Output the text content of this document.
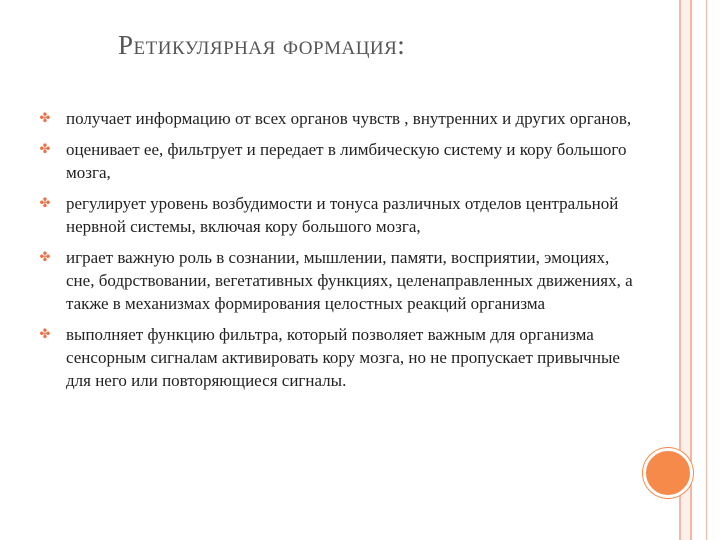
Ретикулярная формация:
✤ получает информацию от всех органов чувств , внутренних и других органов,
✤ оценивает ее, фильтрует и передает в лимбическую систему и кору большого мозга,
✤ регулирует уровень возбудимости и тонуса различных отделов центральной нервной системы, включая кору большого мозга,
✤ играет важную роль в сознании, мышлении, памяти, восприятии, эмоциях, сне, бодрствовании, вегетативных функциях, целенаправленных движениях, а также в механизмах формирования целостных реакций организма
✤ выполняет функцию фильтра, который позволяет важным для организма сенсорным сигналам активировать кору мозга, но не пропускает привычные для него или повторяющиеся сигналы.
